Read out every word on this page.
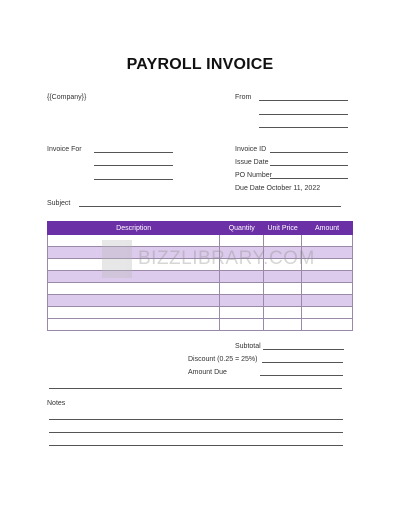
PAYROLL INVOICE
{{Company}}	From
Invoice For	Invoice ID
Issue Date
PO Number
Due Date October 11, 2022
Subject
Description	Quantity	Unit Price	Amount

BIZZLIBRARY.COM
Subtotal
Discount (0.25 = 25%)
Amount Due
Notes
